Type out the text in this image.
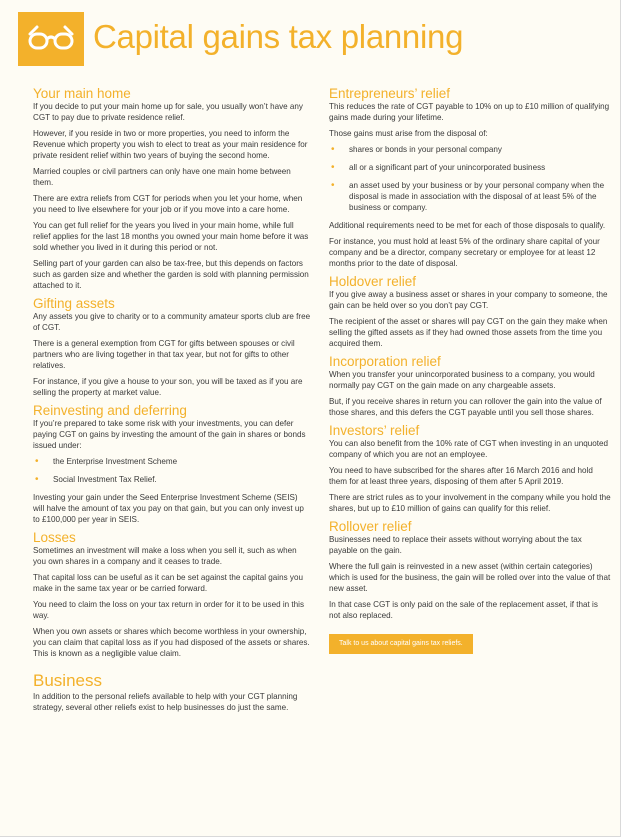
Capital gains tax planning
Your main home

If you decide to put your main home up for sale, you usually won’t have any CGT to pay due to private residence relief.

However, if you reside in two or more properties, you need to inform the Revenue which property you wish to elect to treat as your main residence for private resident relief within two years of buying the second home.

Married couples or civil partners can only have one main home between them.

There are extra reliefs from CGT for periods when you let your home, when you need to live elsewhere for your job or if you move into a care home.

You can get full relief for the years you lived in your main home, while full relief applies for the last 18 months you owned your main home before it was sold whether you lived in it during this period or not.

Selling part of your garden can also be tax-free, but this depends on factors such as garden size and whether the garden is sold with planning permission attached to it.

Gifting assets

Any assets you give to charity or to a community amateur sports club are free of CGT.

There is a general exemption from CGT for gifts between spouses or civil partners who are living together in that tax year, but not for gifts to other relatives.

For instance, if you give a house to your son, you will be taxed as if you are selling the property at market value.

Reinvesting and deferring

If you’re prepared to take some risk with your investments, you can defer paying CGT on gains by investing the amount of the gain in shares or bonds issued under:

• the Enterprise Investment Scheme
• Social Investment Tax Relief.

Investing your gain under the Seed Enterprise Investment Scheme (SEIS) will halve the amount of tax you pay on that gain, but you can only invest up to £100,000 per year in SEIS.

Losses

Sometimes an investment will make a loss when you sell it, such as when you own shares in a company and it ceases to trade.

That capital loss can be useful as it can be set against the capital gains you make in the same tax year or be carried forward.

You need to claim the loss on your tax return in order for it to be used in this way.

When you own assets or shares which become worthless in your ownership, you can claim that capital loss as if you had disposed of the assets or shares. This is known as a negligible value claim.

Business

In addition to the personal reliefs available to help with your CGT planning strategy, several other reliefs exist to help businesses do just the same.

Entrepreneurs’ relief

This reduces the rate of CGT payable to 10% on up to £10 million of qualifying gains made during your lifetime.

Those gains must arise from the disposal of:

• shares or bonds in your personal company
• all or a significant part of your unincorporated business
• an asset used by your business or by your personal company when the disposal is made in association with the disposal of at least 5% of the business or company.

Additional requirements need to be met for each of those disposals to qualify.

For instance, you must hold at least 5% of the ordinary share capital of your company and be a director, company secretary or employee for at least 12 months prior to the date of disposal.

Holdover relief

If you give away a business asset or shares in your company to someone, the gain can be held over so you don’t pay CGT.

The recipient of the asset or shares will pay CGT on the gain they make when selling the gifted assets as if they had owned those assets from the time you acquired them.

Incorporation relief

When you transfer your unincorporated business to a company, you would normally pay CGT on the gain made on any chargeable assets.

But, if you receive shares in return you can rollover the gain into the value of those shares, and this defers the CGT payable until you sell those shares.

Investors’ relief

You can also benefit from the 10% rate of CGT when investing in an unquoted company of which you are not an employee.

You need to have subscribed for the shares after 16 March 2016 and hold them for at least three years, disposing of them after 5 April 2019.

There are strict rules as to your involvement in the company while you hold the shares, but up to £10 million of gains can qualify for this relief.

Rollover relief

Businesses need to replace their assets without worrying about the tax payable on the gain.

Where the full gain is reinvested in a new asset (within certain categories) which is used for the business, the gain will be rolled over into the value of that new asset.

In that case CGT is only paid on the sale of the replacement asset, if that is not also replaced.

Talk to us about capital gains tax reliefs.
